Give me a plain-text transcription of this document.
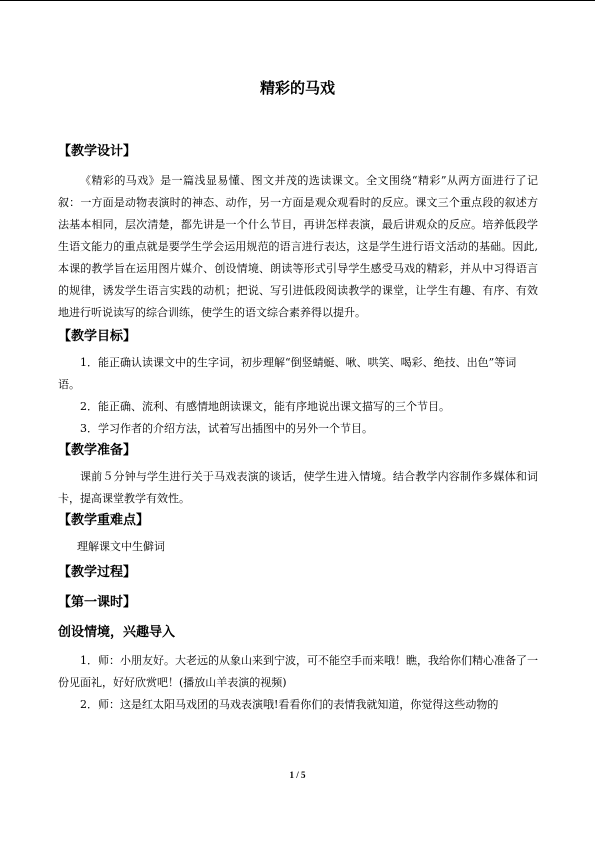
精彩的马戏
【教学设计】

《精彩的马戏》是一篇浅显易懂、图文并茂的选读课文。全文围绕“精彩”从两方面进行了记叙：一方面是动物表演时的神态、动作，另一方面是观众观看时的反应。课文三个重点段的叙述方法基本相同，层次清楚，都先讲是一个什么节目，再讲怎样表演，最后讲观众的反应。培养低段学生语文能力的重点就是要学生学会运用规范的语言进行表达，这是学生进行语文活动的基础。因此,本课的教学旨在运用图片媒介、创设情境、朗读等形式引导学生感受马戏的精彩，并从中习得语言的规律，诱发学生语言实践的动机；把说、写引进低段阅读教学的课堂，让学生有趣、有序、有效地进行听说读写的综合训练，使学生的语文综合素养得以提升。

【教学目标】

1．能正确认读课文中的生字词，初步理解“倒竖蜻蜓、啾、哄笑、喝彩、绝技、出色”等词语。

2．能正确、流利、有感情地朗读课文，能有序地说出课文描写的三个节目。

3．学习作者的介绍方法，试着写出插图中的另外一个节目。

【教学准备】

课前５分钟与学生进行关于马戏表演的谈话，使学生进入情境。结合教学内容制作多媒体和词卡，提高课堂教学有效性。

【教学重难点】

理解课文中生僻词

【教学过程】
【第一课时】
创设情境，兴趣导入

1．师：小朋友好。大老远的从象山来到宁波，可不能空手而来哦！瞧，我给你们精心准备了一份见面礼，好好欣赏吧！(播放山羊表演的视频)

2．师：这是红太阳马戏团的马戏表演哦!看看你们的表情我就知道，你觉得这些动物的

1 / 5
